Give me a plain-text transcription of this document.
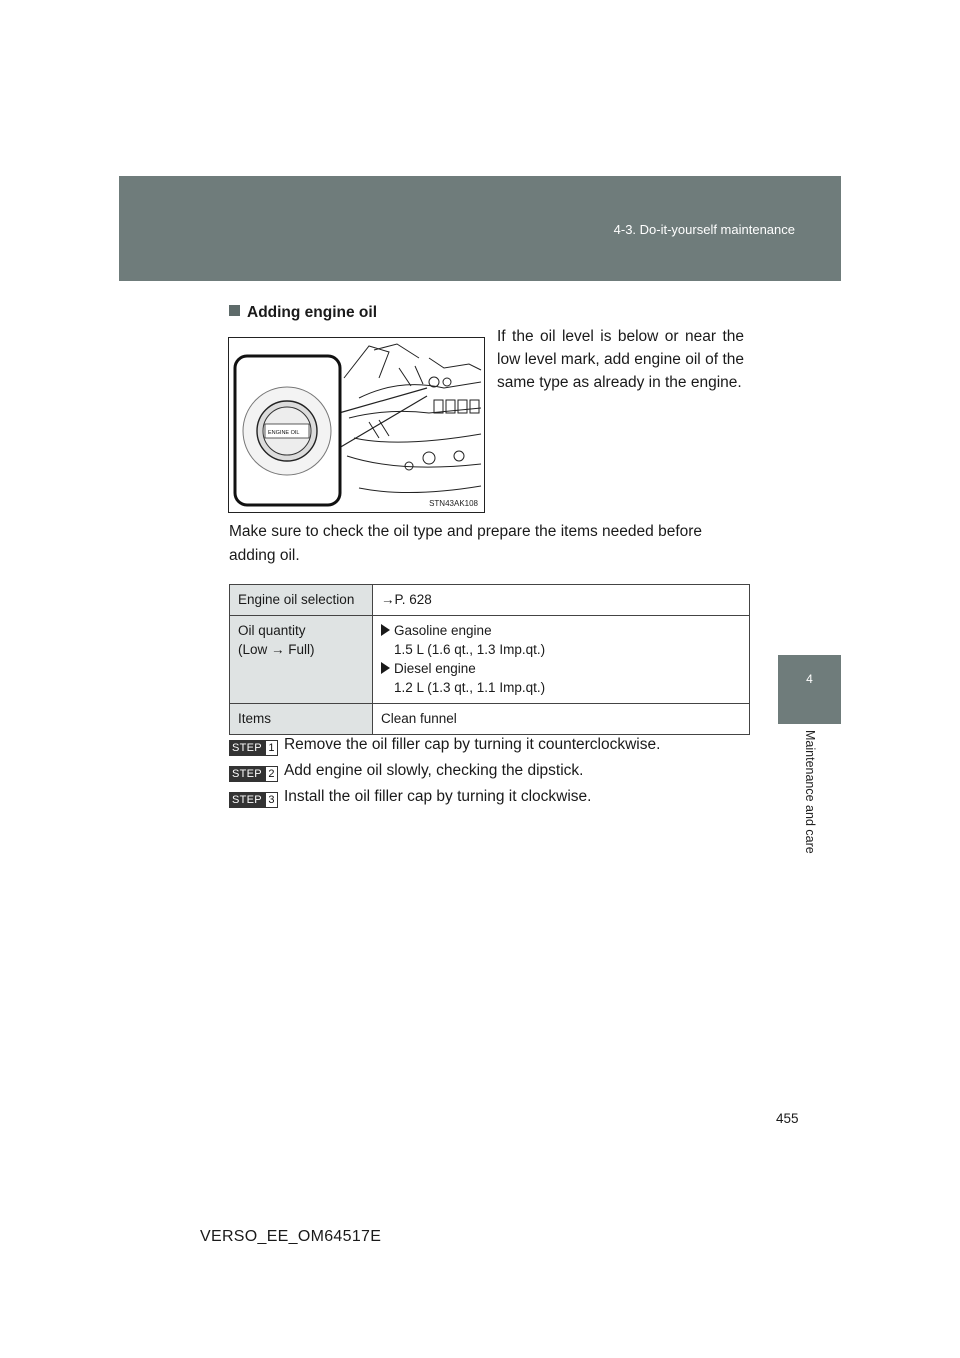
4-3. Do-it-yourself maintenance
4
Maintenance and care
Adding engine oil
ENGINE OIL
STN43AK108
If the oil level is below or near the low level mark, add engine oil of the same type as already in the engine.
Make sure to check the oil type and prepare the items needed before adding oil.
Engine oil selection	→P. 628
Oil quantity
(Low → Full)	Gasoline engine
1.5 L (1.6 qt., 1.3 Imp.qt.)
Diesel engine
1.2 L (1.3 qt., 1.1 Imp.qt.)

Items	Clean funnel
STEP 1 Remove the oil filler cap by turning it counterclockwise.
STEP 2 Add engine oil slowly, checking the dipstick.
STEP 3 Install the oil filler cap by turning it clockwise.
455
VERSO_EE_OM64517E
